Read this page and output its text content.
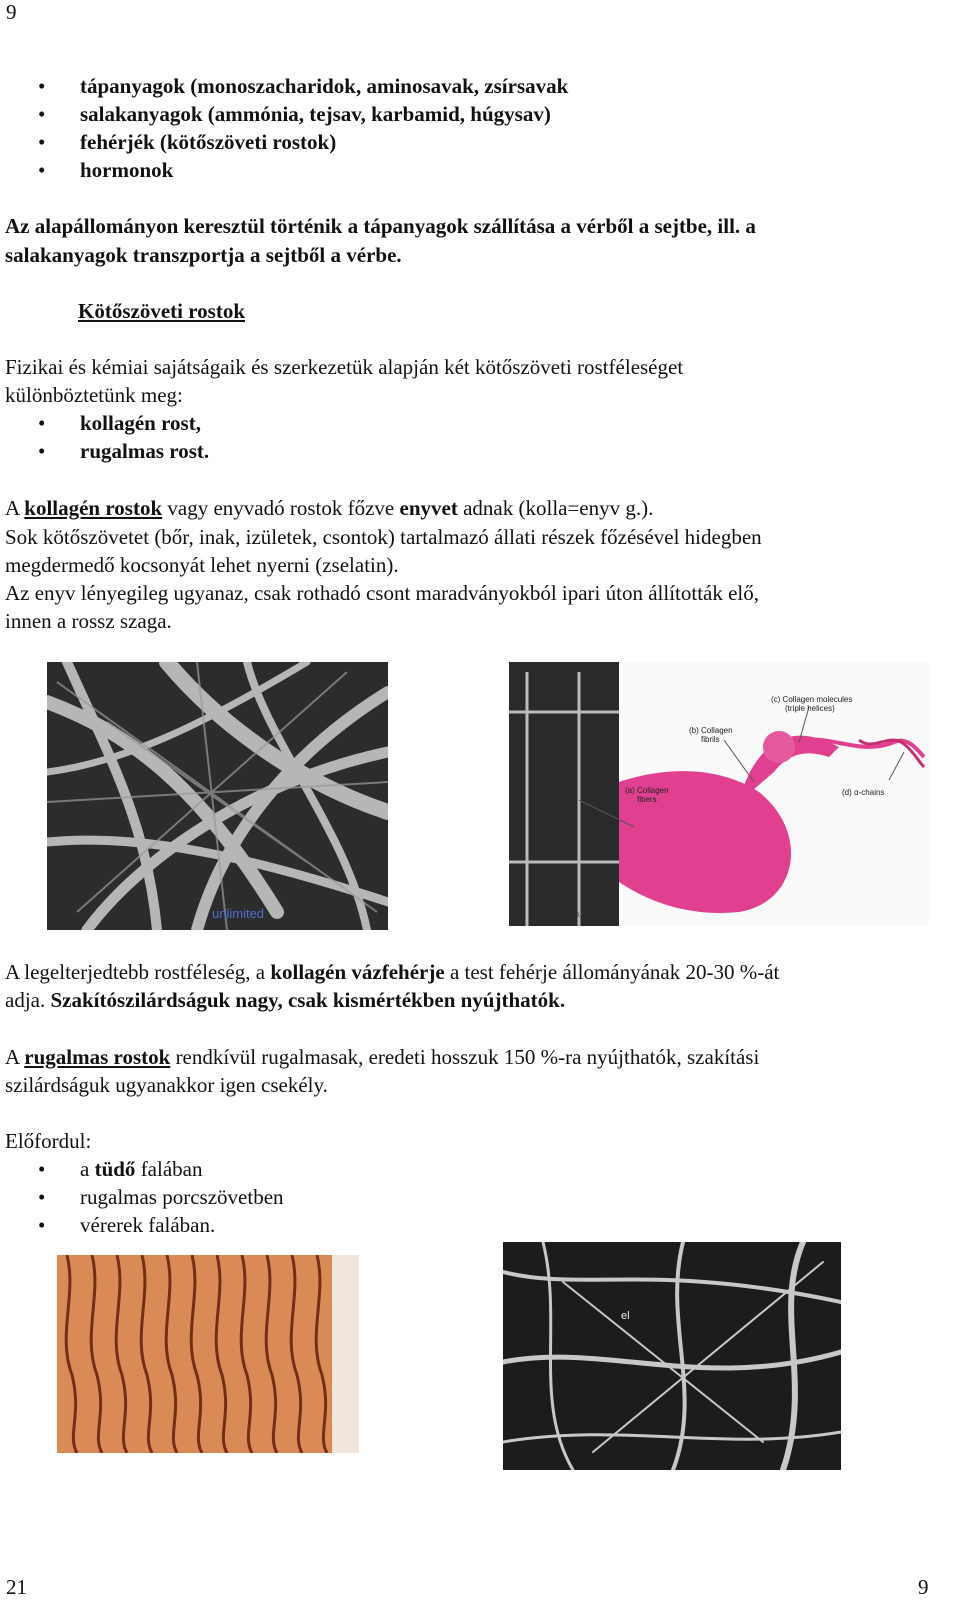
9
• tápanyagok (monoszacharidok, aminosavak, zsírsavak
• salakanyagok (ammónia, tejsav, karbamid, húgysav)
• fehérjék (kötőszöveti rostok)
• hormonok
Az alapállományon keresztül történik a tápanyagok szállítása a vérből a sejtbe, ill. a
salakanyagok transzportja a sejtből a vérbe.
Kötőszöveti rostok
Fizikai és kémiai sajátságaik és szerkezetük alapján két kötőszöveti rostféleséget
különböztetünk meg:
• kollagén rost,
• rugalmas rost.
A kollagén rostok vagy enyvadó rostok főzve enyvet adnak (kolla=enyv g.).
Sok kötőszövetet (bőr, inak, izületek, csontok) tartalmazó állati részek főzésével hidegben
megdermedő kocsonyát lehet nyerni (zselatin).
Az enyv lényegileg ugyanaz, csak rothadó csont maradványokból ipari úton állították elő,
innen a rossz szaga.
unlimited
(c) Collagen molecules
(triple helices)
(b) Collagen
fibrils
(a) Collagen
fibers
(d) α-chains
0.5 μm
A legelterjedtebb rostféleség, a kollagén vázfehérje a test fehérje állományának 20-30 %-át
adja. Szakítószilárdságuk nagy, csak kismértékben nyújthatók.
A rugalmas rostok rendkívül rugalmasak, eredeti hosszuk 150 %-ra nyújthatók, szakítási
szilárdságuk ugyanakkor igen csekély.
Előfordul:
• a tüdő falában
• rugalmas porcszövetben
• vérerek falában.
el
21	9
